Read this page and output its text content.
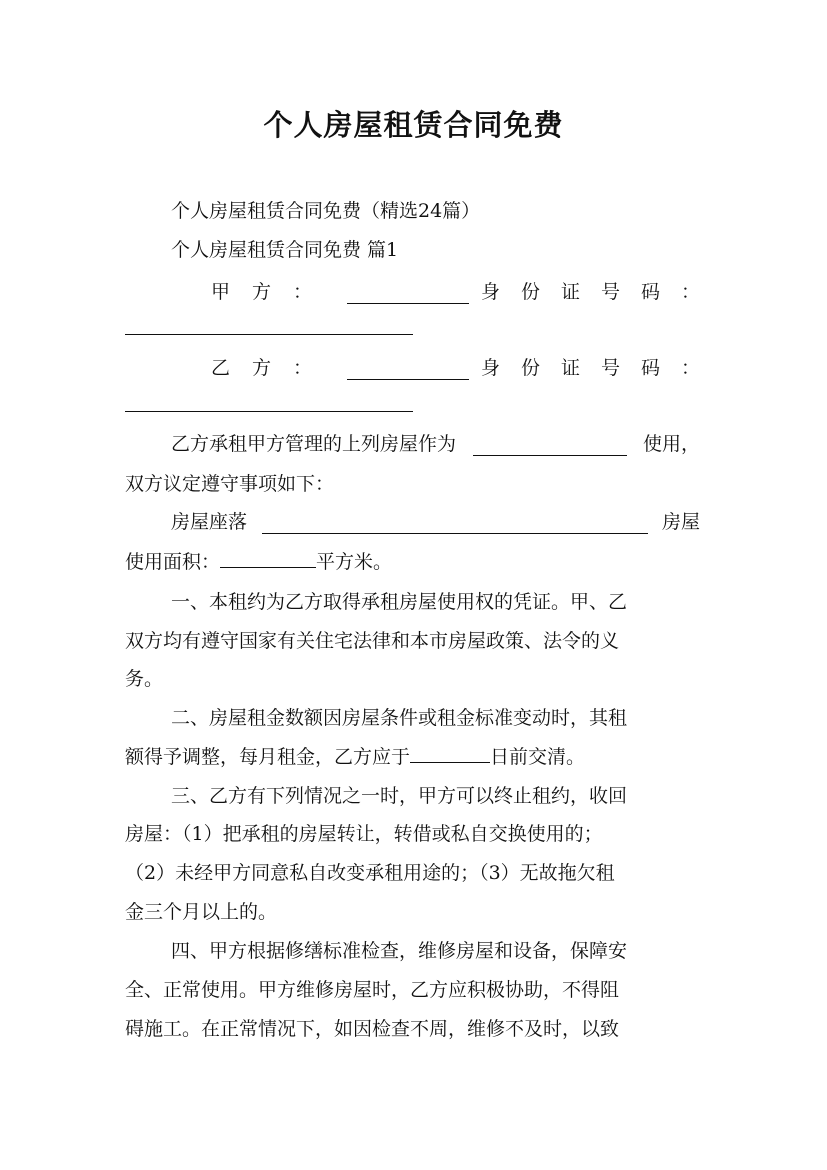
个人房屋租赁合同免费
个人房屋租赁合同免费（精选24篇）
个人房屋租赁合同免费 篇1
甲方：	身份证号码：
乙方：	身份证号码：
乙方承租甲方管理的上列房屋作为	使用，
双方议定遵守事项如下：
房屋座落	房屋
使用面积：	平方米。
一、本租约为乙方取得承租房屋使用权的凭证。甲、乙
双方均有遵守国家有关住宅法律和本市房屋政策、法令的义
务。
二、房屋租金数额因房屋条件或租金标准变动时，其租
额得予调整，每月租金，乙方应于	日前交清。
三、乙方有下列情况之一时，甲方可以终止租约，收回
房屋：（1）把承租的房屋转让，转借或私自交换使用的；
（2）未经甲方同意私自改变承租用途的；（3）无故拖欠租
金三个月以上的。
四、甲方根据修缮标准检查，维修房屋和设备，保障安
全、正常使用。甲方维修房屋时，乙方应积极协助，不得阻
碍施工。在正常情况下，如因检查不周，维修不及时，以致
